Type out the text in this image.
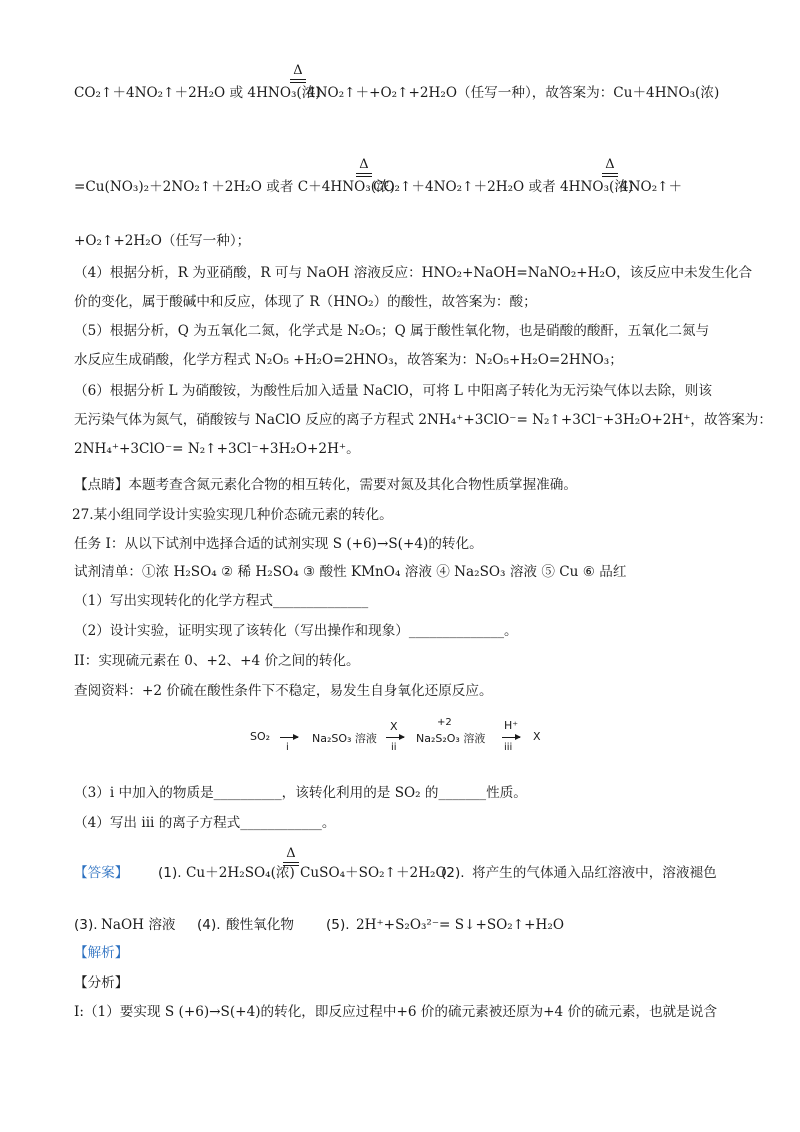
Δ
CO₂↑＋4NO₂↑＋2H₂O 或 4HNO₃(浓)
4NO₂↑＋+O₂↑+2H₂O（任写一种），故答案为：Cu＋4HNO₃(浓)
Δ	Δ
=Cu(NO₃)₂＋2NO₂↑＋2H₂O 或者 C＋4HNO₃(浓)
CO₂↑＋4NO₂↑＋2H₂O 或者 4HNO₃(浓)
4NO₂↑＋
+O₂↑+2H₂O（任写一种）；
（4）根据分析，R 为亚硝酸，R 可与 NaOH 溶液反应：HNO₂+NaOH=NaNO₂+H₂O，该反应中未发生化合
价的变化，属于酸碱中和反应，体现了 R（HNO₂）的酸性，故答案为：酸；
（5）根据分析，Q 为五氧化二氮，化学式是 N₂O₅；Q 属于酸性氧化物，也是硝酸的酸酐，五氧化二氮与
水反应生成硝酸，化学方程式 N₂O₅ +H₂O=2HNO₃，故答案为：N₂O₅+H₂O=2HNO₃；
（6）根据分析 L 为硝酸铵，为酸性后加入适量 NaClO，可将 L 中阳离子转化为无污染气体以去除，则该
无污染气体为氮气，硝酸铵与 NaClO 反应的离子方程式 2NH₄⁺+3ClO⁻= N₂↑+3Cl⁻+3H₂O+2H⁺，故答案为：
2NH₄⁺+3ClO⁻= N₂↑+3Cl⁻+3H₂O+2H⁺。
【点睛】本题考查含氮元素化合物的相互转化，需要对氮及其化合物性质掌握准确。
27.某小组同学设计实验实现几种价态硫元素的转化。
任务 I：从以下试剂中选择合适的试剂实现 S (+6)→S(+4)的转化。
试剂清单：①浓 H₂SO₄ ② 稀 H₂SO₄ ③ 酸性 KMnO₄ 溶液 ④ Na₂SO₃ 溶液 ⑤ Cu ⑥ 品红
（1）写出实现转化的化学方程式______________
（2）设计实验，证明实现了该转化（写出操作和现象）______________。
II：实现硫元素在 0、+2、+4 价之间的转化。
查阅资料：+2 价硫在酸性条件下不稳定，易发生自身氧化还原反应。
SO₂
i
Na₂SO₃ 溶液
X
ii
+2
Na₂S₂O₃ 溶液
H⁺
iii
X
（3）i 中加入的物质是__________，该转化利用的是 SO₂ 的_______性质。
（4）写出 iii 的离子方程式____________。
【答案】 (1). Cu＋2H₂SO₄(浓)
Δ
CuSO₄＋SO₂↑＋2H₂O
(2). 将产生的气体通入品红溶液中，溶液褪色
(3). NaOH 溶液 (4). 酸性氧化物 (5). 2H⁺+S₂O₃²⁻= S↓+SO₂↑+H₂O
【解析】
【分析】
I:（1）要实现 S (+6)→S(+4)的转化，即反应过程中+6 价的硫元素被还原为+4 价的硫元素，也就是说含
